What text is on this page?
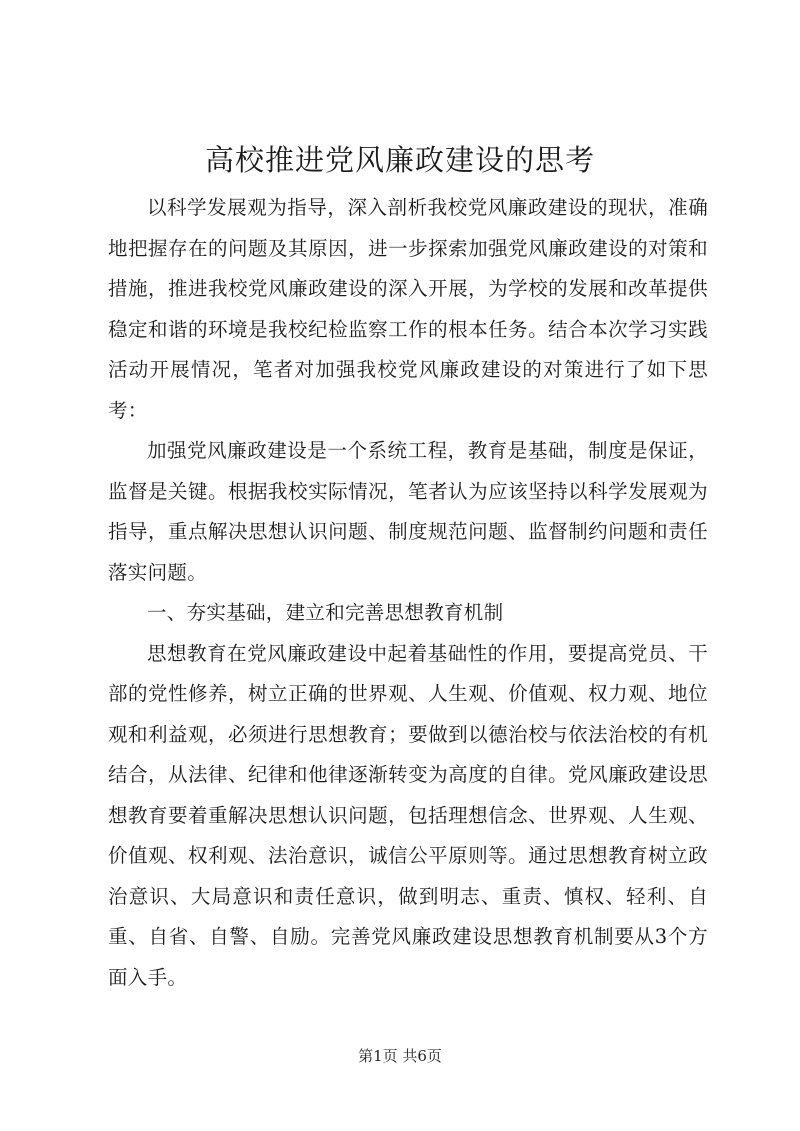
高校推进党风廉政建设的思考

以科学发展观为指导，深入剖析我校党风廉政建设的现状，准确地把握存在的问题及其原因，进一步探索加强党风廉政建设的对策和措施，推进我校党风廉政建设的深入开展，为学校的发展和改革提供稳定和谐的环境是我校纪检监察工作的根本任务。结合本次学习实践活动开展情况，笔者对加强我校党风廉政建设的对策进行了如下思考：

加强党风廉政建设是一个系统工程，教育是基础，制度是保证，监督是关键。根据我校实际情况，笔者认为应该坚持以科学发展观为指导，重点解决思想认识问题、制度规范问题、监督制约问题和责任落实问题。

一、夯实基础，建立和完善思想教育机制

思想教育在党风廉政建设中起着基础性的作用，要提高党员、干部的党性修养，树立正确的世界观、人生观、价值观、权力观、地位观和利益观，必须进行思想教育；要做到以德治校与依法治校的有机结合，从法律、纪律和他律逐渐转变为高度的自律。党风廉政建设思想教育要着重解决思想认识问题，包括理想信念、世界观、人生观、价值观、权利观、法治意识，诚信公平原则等。通过思想教育树立政治意识、大局意识和责任意识，做到明志、重责、慎权、轻利、自重、自省、自警、自励。完善党风廉政建设思想教育机制要从3个方面入手。

第1页 共6页
